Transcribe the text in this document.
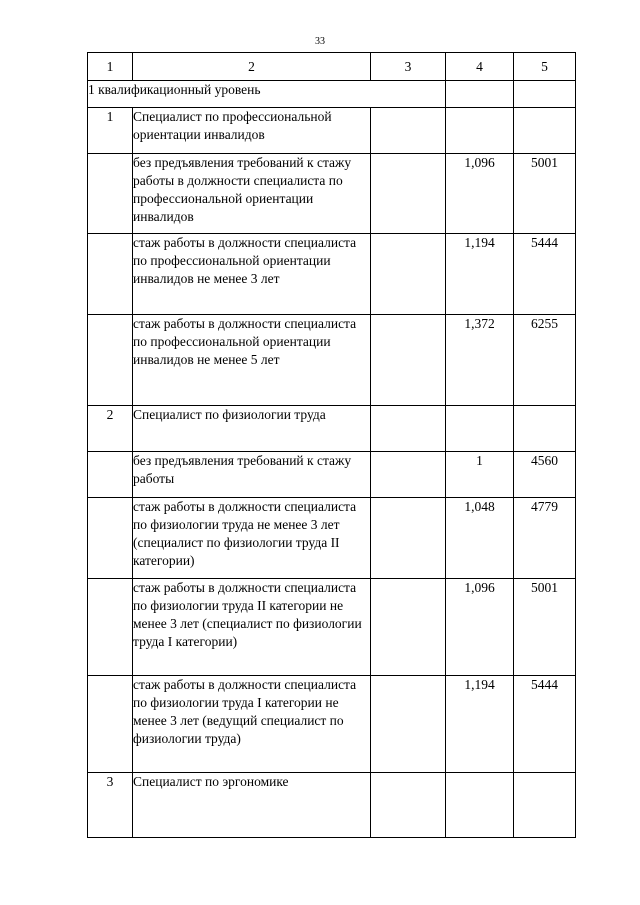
33
1	2	3	4	5
1 квалификационный уровень				
1	Специалист по профессиональной ориентации инвалидов			
	без предъявления требований к стажу работы в должности специалиста по профессиональной ориентации инвалидов		1,096	5001
	стаж работы в должности специалиста по профессиональной ориентации инвалидов не менее 3 лет		1,194	5444
	стаж работы в должности специалиста по профессиональной ориентации инвалидов не менее 5 лет		1,372	6255
2	Специалист по физиологии труда			
	без предъявления требований к стажу работы		1	4560
	стаж работы в должности специалиста по физиологии труда не менее 3 лет (специалист по физиологии труда II категории)		1,048	4779
	стаж работы в должности специалиста по физиологии труда II категории не менее 3 лет (специалист по физиологии труда I категории)		1,096	5001
	стаж работы в должности специалиста по физиологии труда I категории не менее 3 лет (ведущий специалист по физиологии труда)		1,194	5444
3	Специалист по эргономике			
